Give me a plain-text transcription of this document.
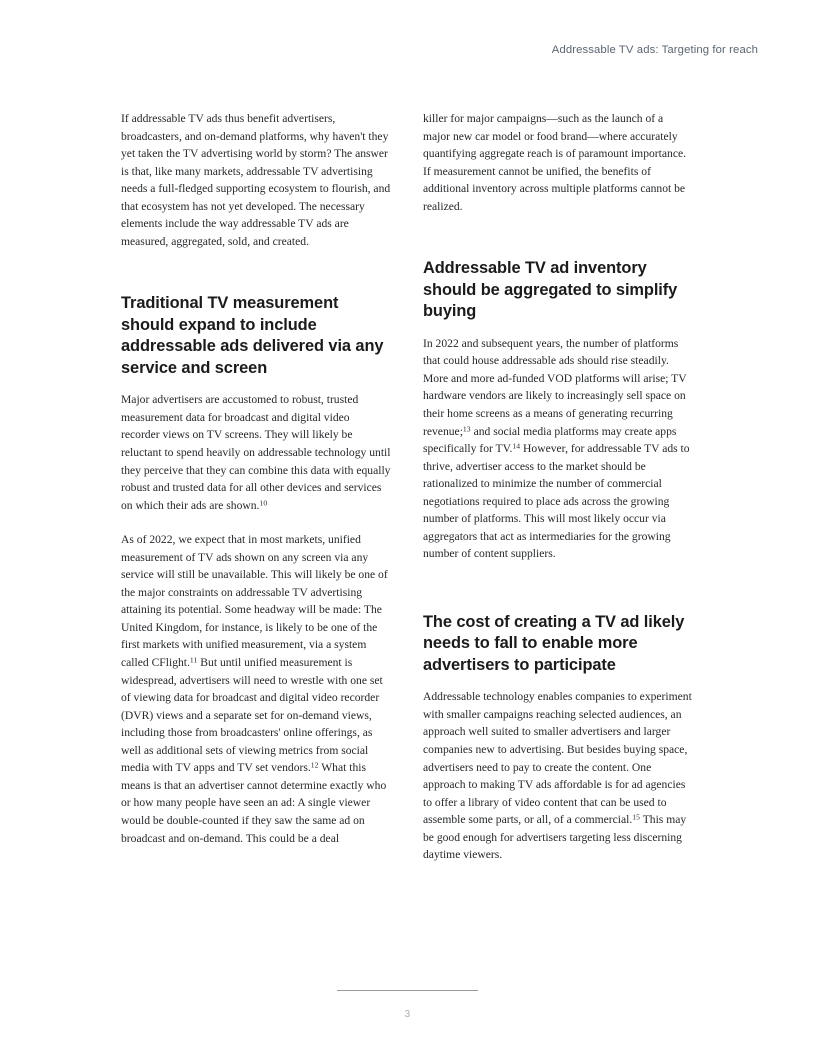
Addressable TV ads: Targeting for reach

If addressable TV ads thus benefit advertisers, broadcasters, and on-demand platforms, why haven't they yet taken the TV advertising world by storm? The answer is that, like many markets, addressable TV advertising needs a full-fledged supporting ecosystem to flourish, and that ecosystem has not yet developed. The necessary elements include the way addressable TV ads are measured, aggregated, sold, and created.

Traditional TV measurement should expand to include addressable ads delivered via any service and screen

Major advertisers are accustomed to robust, trusted measurement data for broadcast and digital video recorder views on TV screens. They will likely be reluctant to spend heavily on addressable technology until they perceive that they can combine this data with equally robust and trusted data for all other devices and services on which their ads are shown.$^{10}$

As of 2022, we expect that in most markets, unified measurement of TV ads shown on any screen via any service will still be unavailable. This will likely be one of the major constraints on addressable TV advertising attaining its potential. Some headway will be made: The United Kingdom, for instance, is likely to be one of the first markets with unified measurement, via a system called CFlight.$^{11}$ But until unified measurement is widespread, advertisers will need to wrestle with one set of viewing data for broadcast and digital video recorder (DVR) views and a separate set for on-demand views, including those from broadcasters' online offerings, as well as additional sets of viewing metrics from social media with TV apps and TV set vendors.$^{12}$ What this means is that an advertiser cannot determine exactly who or how many people have seen an ad: A single viewer would be double-counted if they saw the same ad on broadcast and on-demand. This could be a deal

killer for major campaigns—such as the launch of a major new car model or food brand—where accurately quantifying aggregate reach is of paramount importance. If measurement cannot be unified, the benefits of additional inventory across multiple platforms cannot be realized.

Addressable TV ad inventory should be aggregated to simplify buying

In 2022 and subsequent years, the number of platforms that could house addressable ads should rise steadily. More and more ad-funded VOD platforms will arise; TV hardware vendors are likely to increasingly sell space on their home screens as a means of generating recurring revenue;$^{13}$ and social media platforms may create apps specifically for TV.$^{14}$ However, for addressable TV ads to thrive, advertiser access to the market should be rationalized to minimize the number of commercial negotiations required to place ads across the growing number of platforms. This will most likely occur via aggregators that act as intermediaries for the growing number of content suppliers.

The cost of creating a TV ad likely needs to fall to enable more advertisers to participate

Addressable technology enables companies to experiment with smaller campaigns reaching selected audiences, an approach well suited to smaller advertisers and larger companies new to advertising. But besides buying space, advertisers need to pay to create the content. One approach to making TV ads affordable is for ad agencies to offer a library of video content that can be used to assemble some parts, or all, of a commercial.$^{15}$ This may be good enough for advertisers targeting less discerning daytime viewers.

3
